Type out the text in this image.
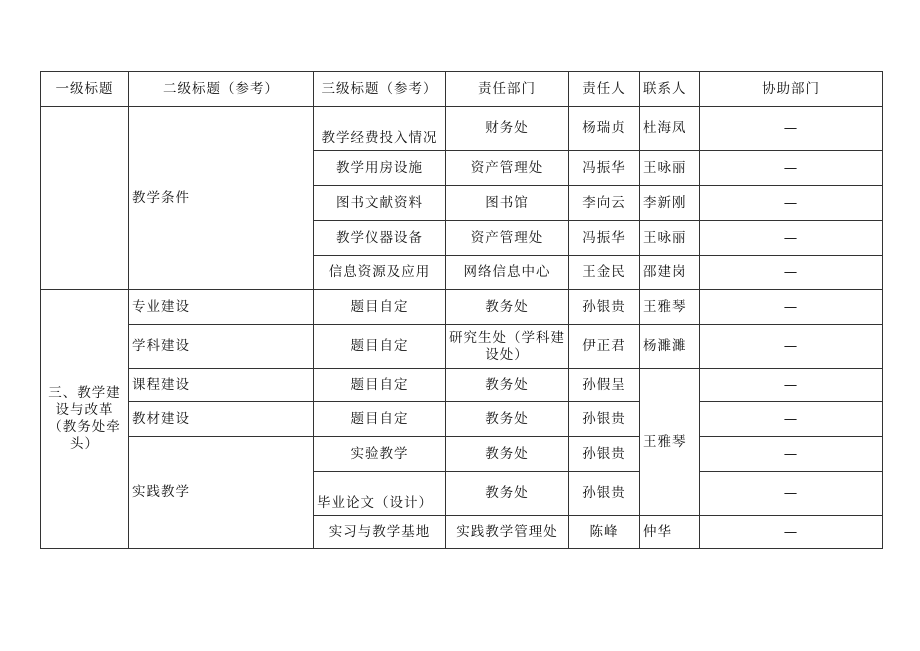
一级标题	二级标题（参考）	三级标题（参考）	责任部门	责任人	联系人	协助部门
	教学条件	教学经费投入情况	财务处	杨瑞贞	杜海凤	—
		教学用房设施	资产管理处	冯振华	王咏丽	—
		图书文献资料	图书馆	李向云	李新刚	—
		教学仪器设备	资产管理处	冯振华	王咏丽	—
		信息资源及应用	网络信息中心	王金民	邵建岗	—
三、教学建设与改革（教务处牵头）	专业建设	题目自定	教务处	孙银贵	王雅琴	—
	学科建设	题目自定	研究生处（学科建设处）	伊正君	杨濉濉	—
	课程建设	题目自定	教务处	孙假呈	王雅琴	—
	教材建设	题目自定	教务处	孙银贵		—
	实践教学	实验教学	教务处	孙银贵		—
		毕业论文（设计）	教务处	孙银贵		—
		实习与教学基地	实践教学管理处	陈峰	仲华	—
